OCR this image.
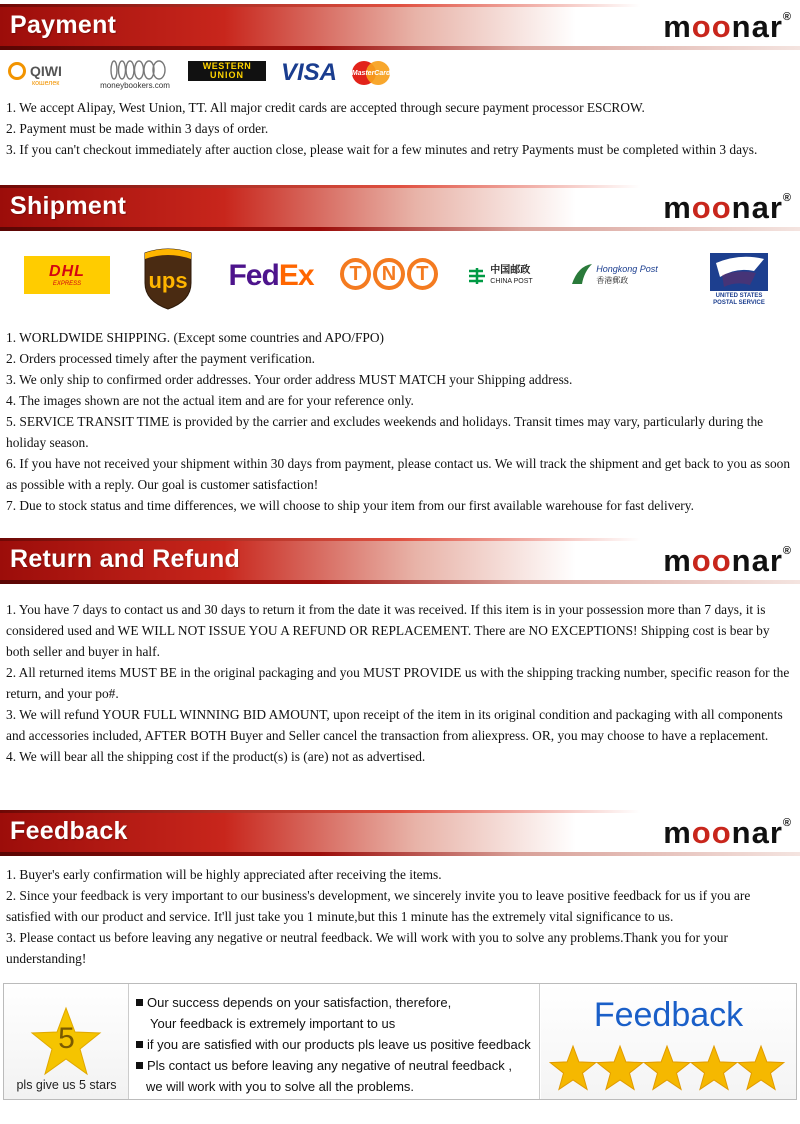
Payment	moonar®
QIWI
кошелек	moneybookers.com
WESTERN
UNION VISA MasterCard

1. We accept Alipay, West Union, TT. All major credit cards are accepted through secure payment processor ESCROW.

2. Payment must be made within 3 days of order.

3. If you can't checkout immediately after auction close, please wait for a few minutes and retry Payments must be completed within 3 days.

Shipment	moonar®
DHL
EXPRESS	ups Fed Ex	T	N T	中国邮政
CHINA POST
Hongkong Post
香港郵政
UNITED STATES
POSTAL SERVICE

1. WORLDWIDE SHIPPING. (Except some countries and APO/FPO)

2. Orders processed timely after the payment verification.

3. We only ship to confirmed order addresses. Your order address MUST MATCH your Shipping address.

4. The images shown are not the actual item and are for your reference only.

5. SERVICE TRANSIT TIME is provided by the carrier and excludes weekends and holidays. Transit times may vary, particularly during the holiday season.

6. If you have not received your shipment within 30 days from payment, please contact us. We will track the shipment and get back to you as soon as possible with a reply. Our goal is customer satisfaction!

7. Due to stock status and time differences, we will choose to ship your item from our first available warehouse for fast delivery.

Return and Refund	moonar®

1. You have 7 days to contact us and 30 days to return it from the date it was received. If this item is in your possession more than 7 days, it is considered used and WE WILL NOT ISSUE YOU A REFUND OR REPLACEMENT. There are NO EXCEPTIONS! Shipping cost is bear by both seller and buyer in half.

2. All returned items MUST BE in the original packaging and you MUST PROVIDE us with the shipping tracking number, specific reason for the return, and your po#.

3. We will refund YOUR FULL WINNING BID AMOUNT, upon receipt of the item in its original condition and packaging with all components and accessories included, AFTER BOTH Buyer and Seller cancel the transaction from aliexpress. OR, you may choose to have a replacement.

4. We will bear all the shipping cost if the product(s) is (are) not as advertised.

Feedback	moonar®

1. Buyer's early confirmation will be highly appreciated after receiving the items.

2. Since your feedback is very important to our business's development, we sincerely invite you to leave positive feedback for us if you are satisfied with our product and service. It'll just take you 1 minute,but this 1 minute has the extremely vital significance to us.

3. Please contact us before leaving any negative or neutral feedback. We will work with you to solve any problems.Thank you for your understanding!

5
pls give us 5 stars
Our success depends on your satisfaction, therefore,
Your feedback is extremely important to us
if you are satisfied with our products pls leave us positive feedback
Pls contact us before leaving any negative of neutral feedback ,
we will work with you to solve all the problems.
Feedback
